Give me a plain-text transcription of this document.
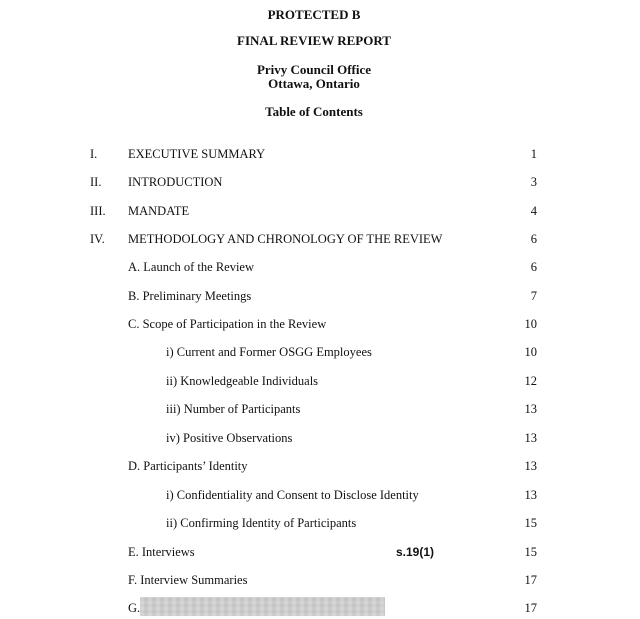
PROTECTED B
FINAL REVIEW REPORT
Privy Council Office
Ottawa, Ontario
Table of Contents
I. EXECUTIVE SUMMARY	1
II. INTRODUCTION	3
III. MANDATE	4
IV. METHODOLOGY AND CHRONOLOGY OF THE REVIEW	6
A. Launch of the Review	6
B. Preliminary Meetings	7
C. Scope of Participation in the Review	10
i) Current and Former OSGG Employees	10
ii) Knowledgeable Individuals	12
iii) Number of Participants	13
iv) Positive Observations	13
D. Participants’ Identity	13
i) Confidentiality and Consent to Disclose Identity	13
ii) Confirming Identity of Participants	15
E. Interviews	15
F. Interview Summaries	17
G.	17
s.19(1)
